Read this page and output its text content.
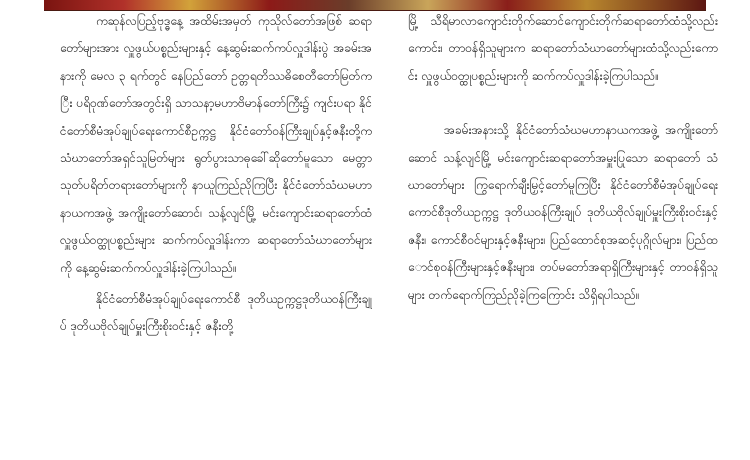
ကဆုန်လပြည့်ဗုဒ္ဓနေ့ အထိမ်းအမှတ် ကုသိုလ်တော်အဖြစ် ဆရာတော်များအား လှူဖွယ်ပစ္စည်းများနှင့် နေ့ဆွမ်းဆက်ကပ်လှူဒါန်းပွဲ အခမ်းအနားကို မေလ ၃ ရက်တွင် နေပြည်တော် ဥတ္တရတိဿဓိစေတီတော်မြတ်ကြီး ပရိဝုဏ်တော်အတွင်းရှိ သာသနာ့မဟာဗိမာန်တော်ကြီး၌ ကျင်းပရာ နိုင်ငံတော်စီမံအုပ်ချုပ်ရေးကောင်စီဥက္ကဋ္ဌ နိုင်ငံတော်ဝန်ကြီးချုပ်နှင့်ဇနီးတို့က သံဃာတော်အရှင်သူမြတ်များ ရွတ်ပွားသာဓုခေါ်ဆိုတော်မူသော မေတ္တာသုတ်ပရိတ်တရားတော်များကို နာယူကြည်ညိုကြပြီး နိုင်ငံတော်သံဃမဟာနာယကအဖွဲ့ အကျိုးတော်ဆောင်၊ သန့်လျင်မြို့ မင်းကျောင်းဆရာတော်ထံ လှူဖွယ်ဝတ္ထုပစ္စည်းများ ဆက်ကပ်လှူဒါန်းကာ ဆရာတော်သံဃာတော်များကို နေ့ဆွမ်းဆက်ကပ်လှူဒါန်းခဲ့ကြပါသည်။

နိုင်ငံတော်စီမံအုပ်ချုပ်ရေးကောင်စီ ဒုတိယဥက္ကဋ္ဌဒုတိယဝန်ကြီးချုပ် ဒုတိယဗိုလ်ချုပ်မှူးကြီးစိုးဝင်းနှင့် ဇနီးတို့

မြို့ သီရိမာလာကျောင်းတိုက်ဆောင်ကျောင်းတိုက်ဆရာတော်ထံသို့လည်းကောင်း၊ တာဝန်ရှိသူများက ဆရာတော်သံဃာတော်များထံသို့လည်းကောင်း လှူဖွယ်ဝတ္ထုပစ္စည်းများကို ဆက်ကပ်လှူဒါန်းခဲ့ကြပါသည်။

အခမ်းအနားသို့ နိုင်ငံတော်သံဃမဟာနာယကအဖွဲ့ အကျိုးတော်ဆောင် သန့်လျင်မြို့ မင်းကျောင်းဆရာတော်အမှူးပြုသော ဆရာတော် သံဃာတော်များ ကြွရောက်ချီးမြှင့်တော်မူကြပြီး နိုင်ငံတော်စီမံအုပ်ချုပ်ရေးကောင်စီဒုတိယဥက္ကဋ္ဌ ဒုတိယဝန်ကြီးချုပ် ဒုတိယဗိုလ်ချုပ်မှူးကြီးစိုးဝင်းနှင့်ဇနီး၊ ကောင်စီဝင်များနှင့်ဇနီးများ၊ ပြည်ထောင်စုအဆင့်ပုဂ္ဂိုလ်များ၊ ပြည်ထောင်စုဝန်ကြီးများနှင့်ဇနီးများ၊ တပ်မတော်အရာရှိကြီးများနှင့် တာဝန်ရှိသူများ တက်ရောက်ကြည်ညိုခဲ့ကြကြောင်း သိရှိရပါသည်။
